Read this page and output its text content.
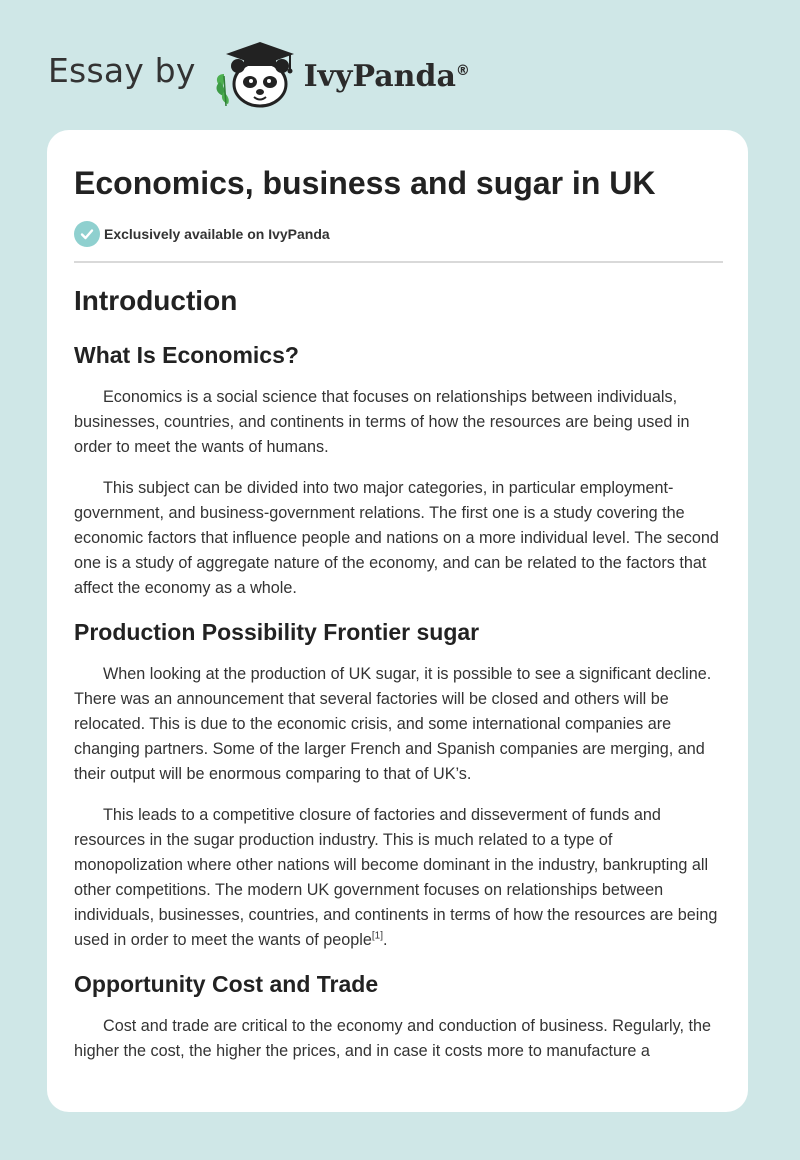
Essay by	IvyPanda®
Economics, business and sugar in UK
Exclusively available on IvyPanda
Introduction
What Is Economics?

Economics is a social science that focuses on relationships between individuals, businesses, countries, and continents in terms of how the resources are being used in order to meet the wants of humans.

This subject can be divided into two major categories, in particular employment-government, and business-government relations. The first one is a study covering the economic factors that influence people and nations on a more individual level. The second one is a study of aggregate nature of the economy, and can be related to the factors that affect the economy as a whole.

Production Possibility Frontier sugar

When looking at the production of UK sugar, it is possible to see a significant decline. There was an announcement that several factories will be closed and others will be relocated. This is due to the economic crisis, and some international companies are changing partners. Some of the larger French and Spanish companies are merging, and their output will be enormous comparing to that of UK’s.

This leads to a competitive closure of factories and disseverment of funds and resources in the sugar production industry. This is much related to a type of monopolization where other nations will become dominant in the industry, bankrupting all other competitions. The modern UK government focuses on relationships between individuals, businesses, countries, and continents in terms of how the resources are being used in order to meet the wants of people[1].

Opportunity Cost and Trade

Cost and trade are critical to the economy and conduction of business. Regularly, the higher the cost, the higher the prices, and in case it costs more to manufacture a
